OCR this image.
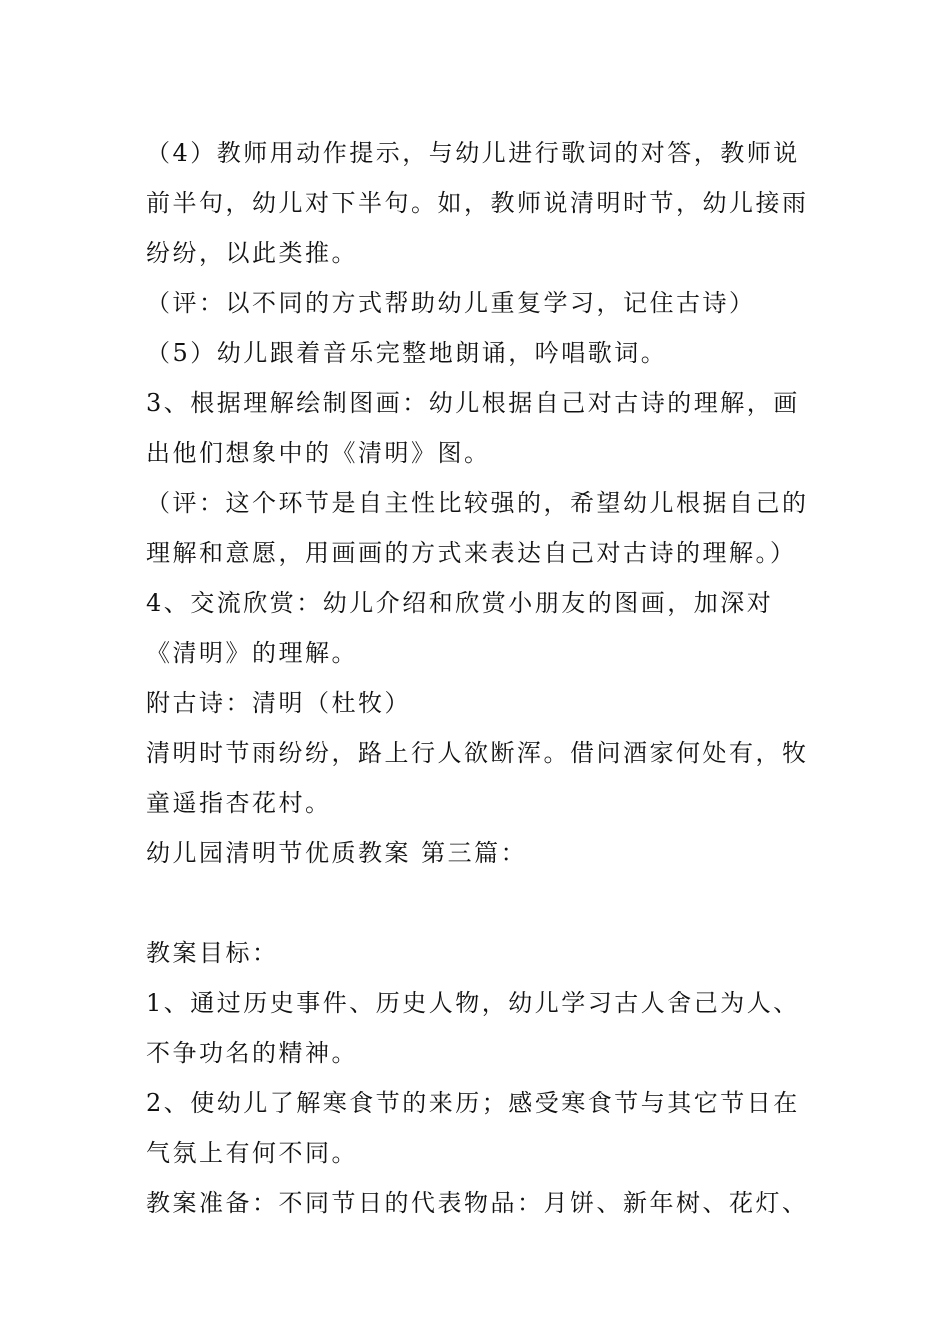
（4）教师用动作提示，与幼儿进行歌词的对答，教师说前半句，幼儿对下半句。如，教师说清明时节，幼儿接雨纷纷，以此类推。

（评：以不同的方式帮助幼儿重复学习，记住古诗）

（5）幼儿跟着音乐完整地朗诵，吟唱歌词。

3、根据理解绘制图画：幼儿根据自己对古诗的理解，画出他们想象中的《清明》图。

（评：这个环节是自主性比较强的，希望幼儿根据自己的理解和意愿，用画画的方式来表达自己对古诗的理解。）

4、交流欣赏：幼儿介绍和欣赏小朋友的图画，加深对《清明》的理解。

附古诗：清明（杜牧）

清明时节雨纷纷，路上行人欲断浑。借问酒家何处有，牧童遥指杏花村。

幼儿园清明节优质教案 第三篇：

教案目标：

1、通过历史事件、历史人物，幼儿学习古人舍己为人、不争功名的精神。

2、使幼儿了解寒食节的来历；感受寒食节与其它节日在气氛上有何不同。

教案准备：不同节日的代表物品：月饼、新年树、花灯、
